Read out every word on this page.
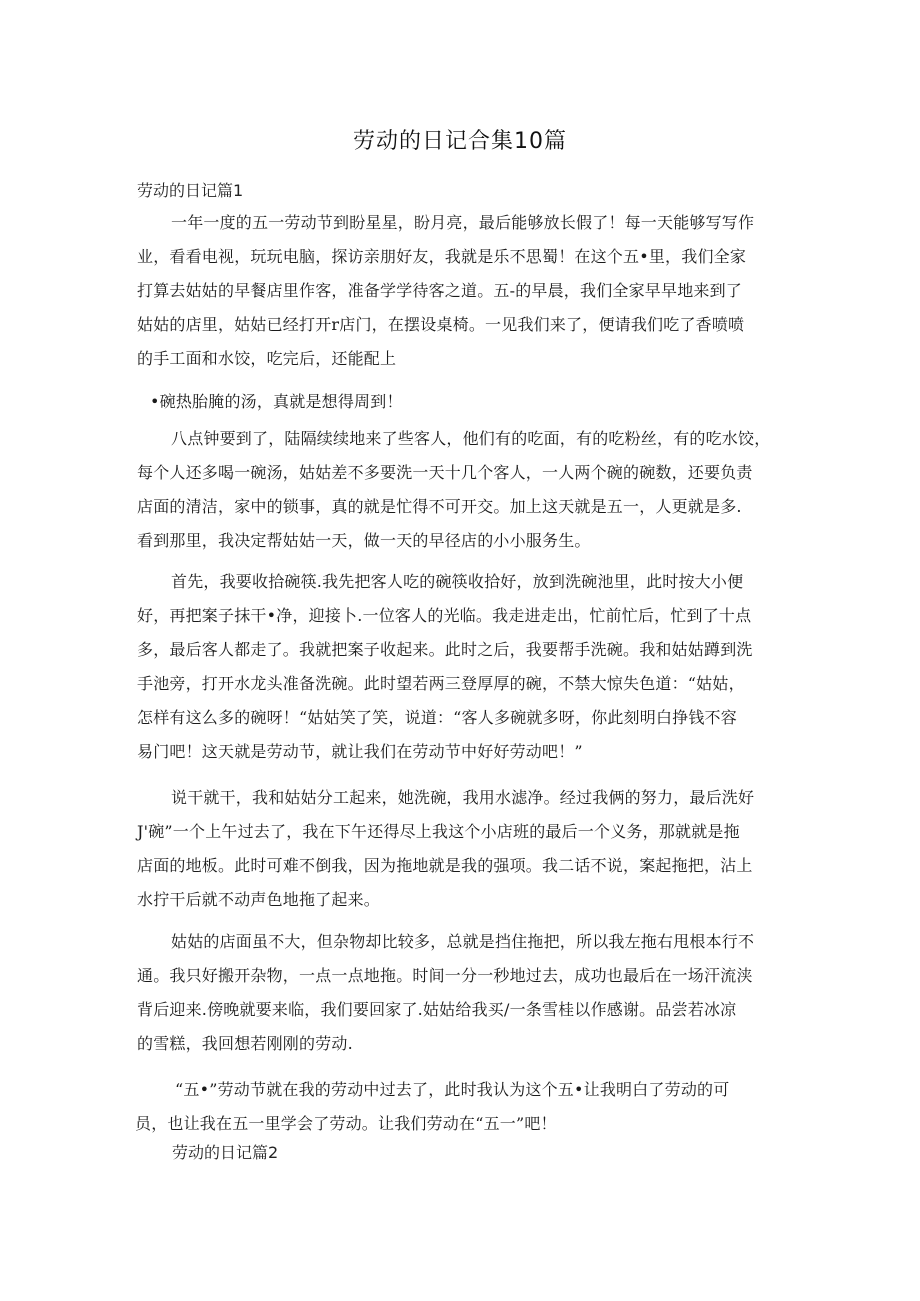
劳动的日记合集10篇
劳动的日记篇1
一年一度的五一劳动节到盼星星，盼月亮，最后能够放长假了！每一天能够写写作
业，看看电视，玩玩电脑，探访亲朋好友，我就是乐不思蜀！在这个五•里，我们全家
打算去姑姑的早餐店里作客，准备学学待客之道。五-的早晨，我们全家早早地来到了
姑姑的店里，姑姑已经打开r店门，在摆设桌椅。一见我们来了，便请我们吃了香喷喷
的手工面和水饺，吃完后，还能配上
•碗热胎腌的汤，真就是想得周到！
八点钟要到了，陆隔续续地来了些客人，他们有的吃面，有的吃粉丝，有的吃水饺，
每个人还多喝一碗汤，姑姑差不多要洗一天十几个客人，一人两个碗的碗数，还要负责
店面的清洁，家中的锁事，真的就是忙得不可开交。加上这天就是五一，人更就是多.
看到那里，我决定帮姑姑一天，做一天的早径店的小小服务生。
首先，我要收拾碗筷.我先把客人吃的碗筷收拾好，放到洗碗池里，此时按大小便
好，再把案子抹干•净，迎接卜.一位客人的光临。我走进走出，忙前忙后，忙到了十点
多，最后客人都走了。我就把案子收起来。此时之后，我要帮手洗碗。我和姑姑蹲到洗
手池旁，打开水龙头准备洗碗。此时望若两三登厚厚的碗，不禁大惊失色道：“姑姑，
怎样有这么多的碗呀！“姑姑笑了笑，说道：“客人多碗就多呀，你此刻明白挣钱不容
易门吧！这天就是劳动节，就让我们在劳动节中好好劳动吧！”
说干就干，我和姑姑分工起来，她洗碗，我用水滤净。经过我俩的努力，最后洗好
J'碗”一个上午过去了，我在下午还得尽上我这个小店班的最后一个义务，那就就是拖
店面的地板。此时可难不倒我，因为拖地就是我的强项。我二话不说，案起拖把，沾上
水拧干后就不动声色地拖了起来。
姑姑的店面虽不大，但杂物却比较多，总就是挡住拖把，所以我左拖右甩根本行不
通。我只好搬开杂物，一点一点地拖。时间一分一秒地过去，成功也最后在一场汗流浃
背后迎来.傍晚就要来临，我们要回家了.姑姑给我买/一条雪桂以作感谢。品尝若冰凉
的雪糕，我回想若刚刚的劳动.
“五•”劳动节就在我的劳动中过去了，此时我认为这个五•让我明白了劳动的可
员，也让我在五一里学会了劳动。让我们劳动在“五一”吧！
劳动的日记篇2
